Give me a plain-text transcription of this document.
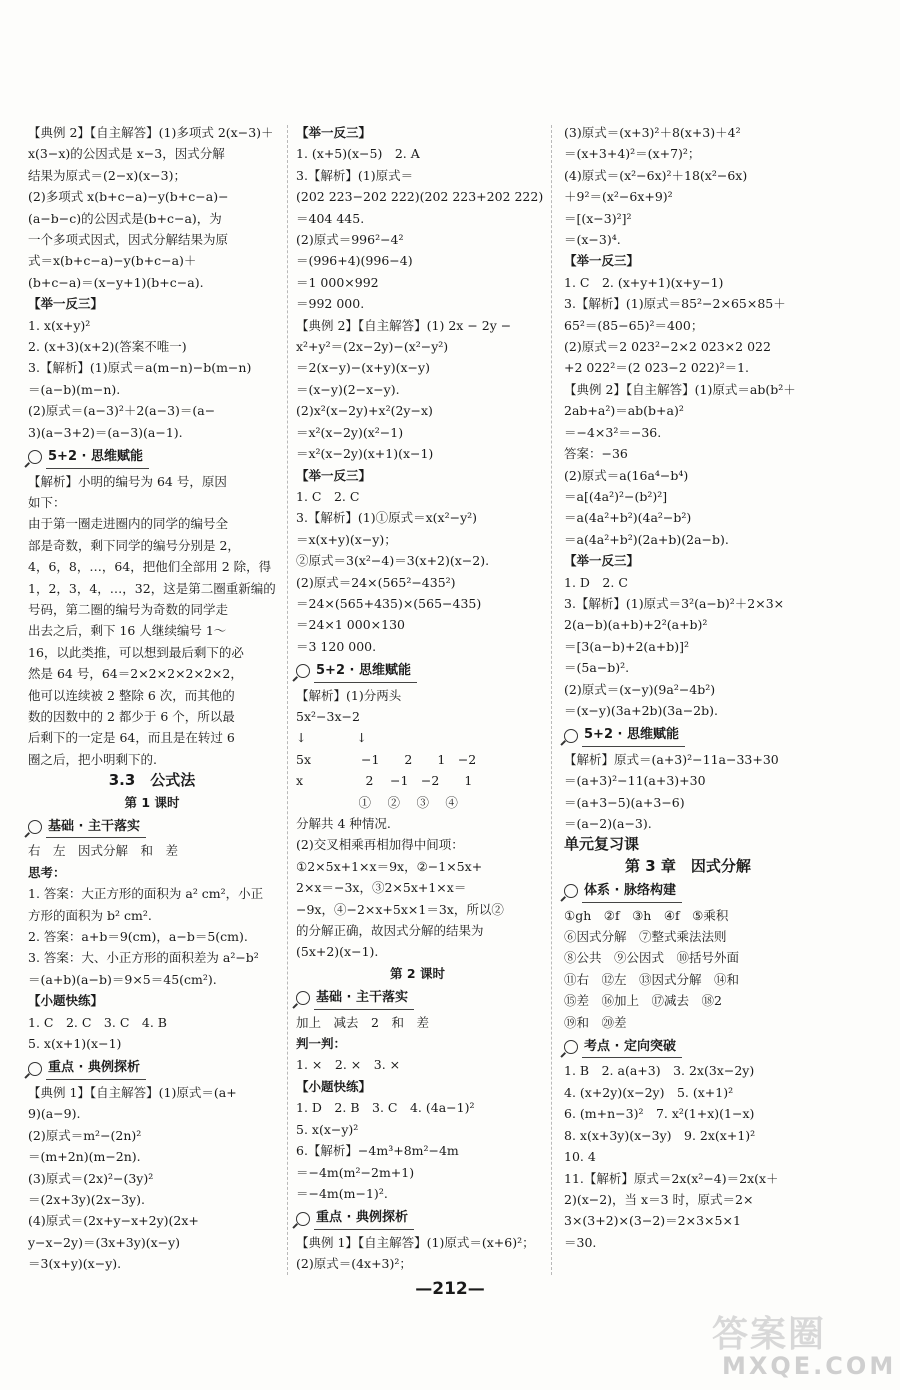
【典例 2】【自主解答】(1)多项式 2(x−3)＋
x(3−x)的公因式是 x−3，因式分解
结果为原式＝(2−x)(x−3)；
(2)多项式 x(b+c−a)−y(b+c−a)−
(a−b−c)的公因式是(b+c−a)，为
一个多项式因式，因式分解结果为原
式＝x(b+c−a)−y(b+c−a)＋
(b+c−a)＝(x−y+1)(b+c−a).
【举一反三】
1. x(x+y)²
2. (x+3)(x+2)(答案不唯一)
3.【解析】(1)原式＝a(m−n)−b(m−n)
＝(a−b)(m−n).
(2)原式＝(a−3)²＋2(a−3)＝(a−
3)(a−3+2)＝(a−3)(a−1).
5+2 · 思维赋能
【解析】小明的编号为 64 号，原因
如下：
由于第一圈走进圈内的同学的编号全
部是奇数，剩下同学的编号分别是 2，
4，6，8，…，64，把他们全部用 2 除，得
1，2，3，4，…，32，这是第二圈重新编的
号码，第二圈的编号为奇数的同学走
出去之后，剩下 16 人继续编号 1～
16，以此类推，可以想到最后剩下的必
然是 64 号，64＝2×2×2×2×2×2，
他可以连续被 2 整除 6 次，而其他的
数的因数中的 2 都少于 6 个，所以最
后剩下的一定是 64，而且是在转过 6
圈之后，把小明剩下的.
3.3　公式法
第 1 课时
基础 · 主干落实
右　左　因式分解　和　差
思考：
1. 答案：大正方形的面积为 a² cm²，小正
方形的面积为 b² cm².
2. 答案：a+b＝9(cm)，a−b＝5(cm).
3. 答案：大、小正方形的面积差为 a²−b²
＝(a+b)(a−b)＝9×5＝45(cm²).
【小题快练】
1. C　2. C　3. C　4. B
5. x(x+1)(x−1)
重点 · 典例探析
【典例 1】【自主解答】(1)原式＝(a+
9)(a−9).
(2)原式＝m²−(2n)²
＝(m+2n)(m−2n).
(3)原式＝(2x)²−(3y)²
＝(2x+3y)(2x−3y).
(4)原式＝(2x+y−x+2y)(2x+
y−x−2y)＝(3x+3y)(x−y)
＝3(x+y)(x−y).
【举一反三】
1. (x+5)(x−5)　2. A
3.【解析】(1)原式＝
(202 223−202 222)(202 223+202 222)
＝404 445.
(2)原式＝996²−4²
＝(996+4)(996−4)
＝1 000×992
＝992 000.
【典例 2】【自主解答】(1) 2x − 2y −
x²+y²＝(2x−2y)−(x²−y²)
＝2(x−y)−(x+y)(x−y)
＝(x−y)(2−x−y).
(2)x²(x−2y)+x²(2y−x)
＝x²(x−2y)(x²−1)
＝x²(x−2y)(x+1)(x−1)
【举一反三】
1. C　2. C
3.【解析】(1)①原式＝x(x²−y²)
＝x(x+y)(x−y)；
②原式＝3(x²−4)＝3(x+2)(x−2).
(2)原式＝24×(565²−435²)
＝24×(565+435)×(565−435)
＝24×1 000×130
＝3 120 000.
5+2 · 思维赋能
【解析】(1)分两头
5x²−3x−2
↓　　　　↓
5x　　　　−1　　2　　1　−2
x　　　　　2　 −1　−2　　1
　　　　　①　 ②　 ③　 ④
分解共 4 种情况.
(2)交叉相乘再相加得中间项：
①2×5x+1×x＝9x，②−1×5x+
2×x＝−3x，③2×5x+1×x＝
−9x，④−2×x+5x×1＝3x，所以②
的分解正确，故因式分解的结果为
(5x+2)(x−1).
第 2 课时
基础 · 主干落实
加上　减去　2　和　差
判一判：
1. ×　2. ×　3. ×
【小题快练】
1. D　2. B　3. C　4. (4a−1)²
5. x(x−y)²
6.【解析】−4m³+8m²−4m
＝−4m(m²−2m+1)
＝−4m(m−1)².
重点 · 典例探析
【典例 1】【自主解答】(1)原式＝(x+6)²；
(2)原式＝(4x+3)²；
(3)原式＝(x+3)²＋8(x+3)＋4²
＝(x+3+4)²＝(x+7)²；
(4)原式＝(x²−6x)²＋18(x²−6x)
＋9²＝(x²−6x+9)²
＝[(x−3)²]²
＝(x−3)⁴.
【举一反三】
1. C　2. (x+y+1)(x+y−1)
3.【解析】(1)原式＝85²−2×65×85＋
65²＝(85−65)²＝400；
(2)原式＝2 023²−2×2 023×2 022
+2 022²＝(2 023−2 022)²＝1.
【典例 2】【自主解答】(1)原式＝ab(b²＋
2ab+a²)＝ab(b+a)²
＝−4×3²＝−36.
答案：−36
(2)原式＝a(16a⁴−b⁴)
＝a[(4a²)²−(b²)²]
＝a(4a²+b²)(4a²−b²)
＝a(4a²+b²)(2a+b)(2a−b).
【举一反三】
1. D　2. C
3.【解析】(1)原式＝3²(a−b)²＋2×3×
2(a−b)(a+b)+2²(a+b)²
＝[3(a−b)+2(a+b)]²
＝(5a−b)².
(2)原式＝(x−y)(9a²−4b²)
＝(x−y)(3a+2b)(3a−2b).
5+2 · 思维赋能
【解析】原式＝(a+3)²−11a−33+30
＝(a+3)²−11(a+3)+30
＝(a+3−5)(a+3−6)
＝(a−2)(a−3).
单元复习课
第 3 章　因式分解
体系 · 脉络构建
①gh　②f　③h　④f　⑤乘积
⑥因式分解　⑦整式乘法法则
⑧公共　⑨公因式　⑩括号外面
⑪右　⑫左　⑬因式分解　⑭和
⑮差　⑯加上　⑰减去　⑱2
⑲和　⑳差
考点 · 定向突破
1. B　2. a(a+3)　3. 2x(3x−2y)
4. (x+2y)(x−2y)　5. (x+1)²
6. (m+n−3)²　7. x²(1+x)(1−x)
8. x(x+3y)(x−3y)　9. 2x(x+1)²
10. 4
11.【解析】原式＝2x(x²−4)＝2x(x＋
2)(x−2)，当 x＝3 时，原式＝2×
3×(3+2)×(3−2)＝2×3×5×1
＝30.
—212—
答案圈
MXQE.COM
